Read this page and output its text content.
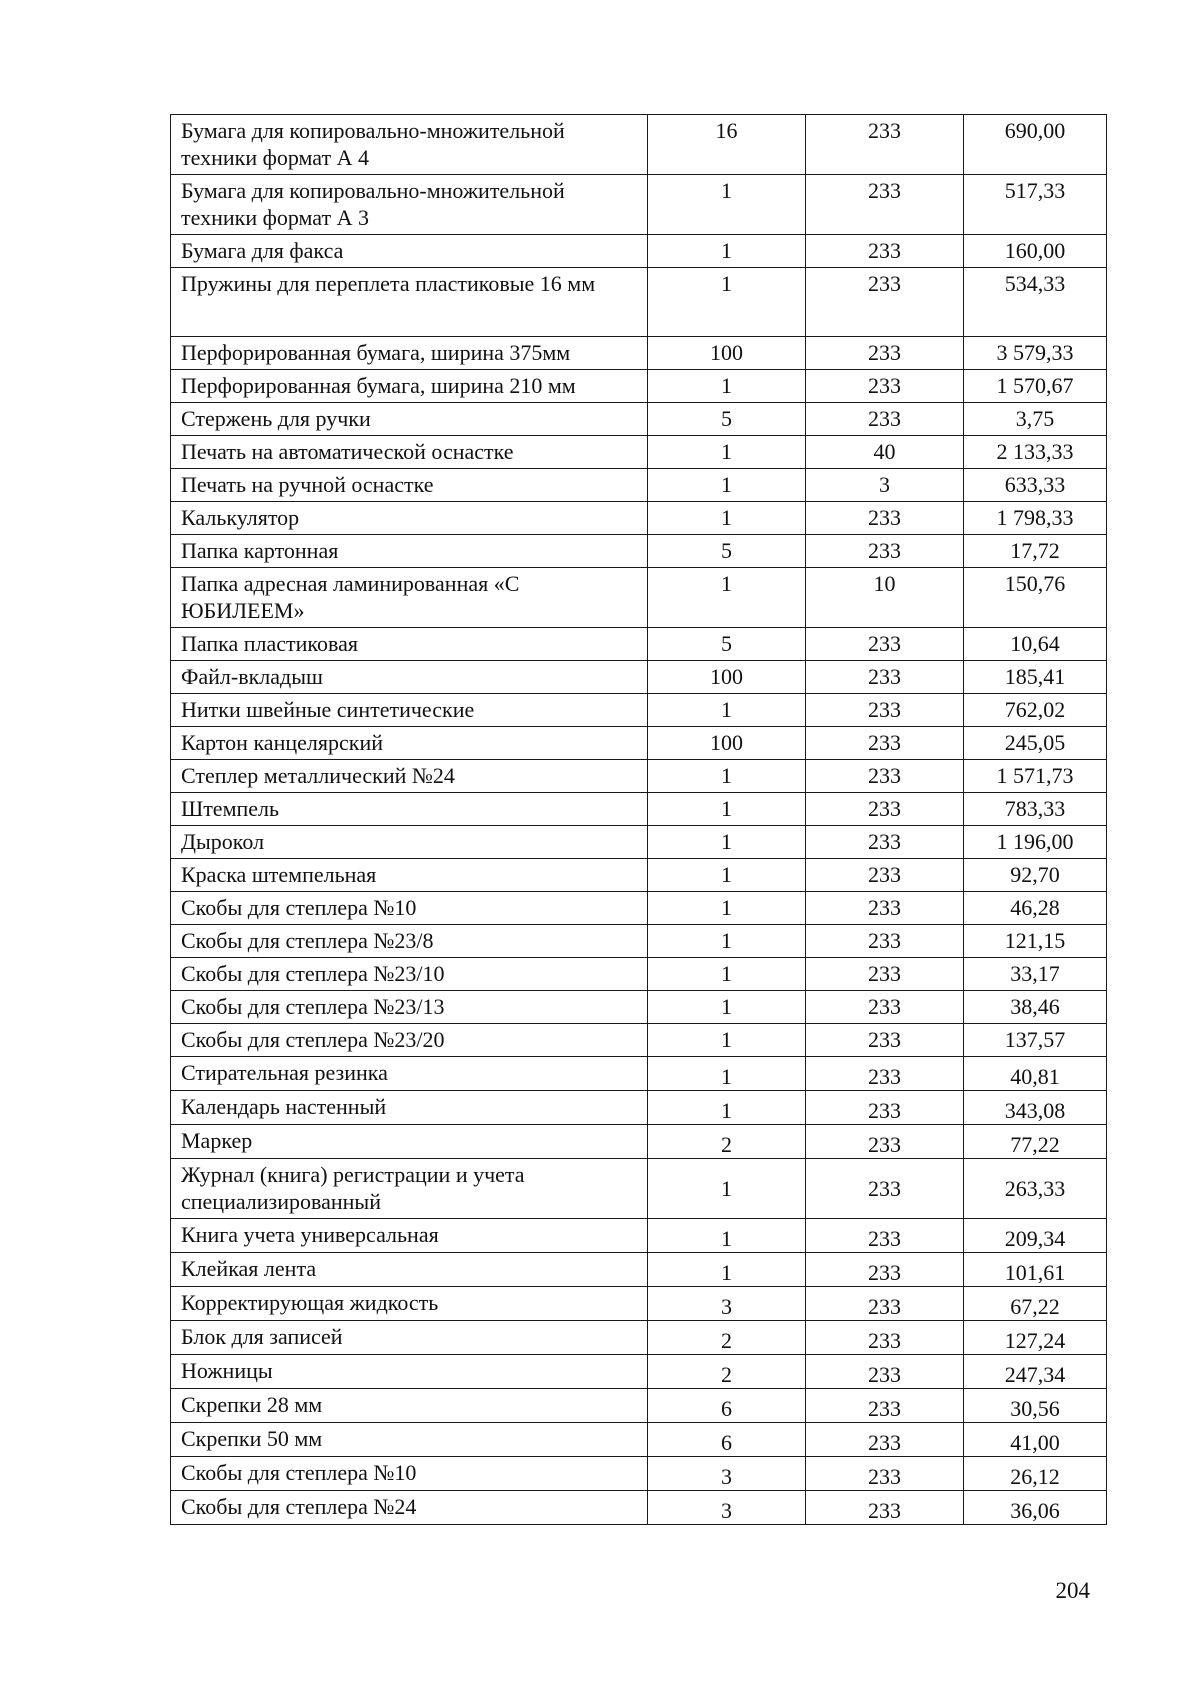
Бумага для копировально-множительной техники формат А 4	16	233	690,00
Бумага для копировально-множительной техники формат А 3	1	233	517,33
Бумага для факса	1	233	160,00
Пружины для переплета пластиковые 16 мм	1	233	534,33
Перфорированная бумага, ширина 375мм	100	233	3 579,33
Перфорированная бумага, ширина 210 мм	1	233	1 570,67
Стержень для ручки	5	233	3,75
Печать на автоматической оснастке	1	40	2 133,33
Печать на ручной оснастке	1	3	633,33
Калькулятор	1	233	1 798,33
Папка картонная	5	233	17,72
Папка адресная ламинированная «С ЮБИЛЕЕМ»	1	10	150,76
Папка пластиковая	5	233	10,64
Файл-вкладыш	100	233	185,41
Нитки швейные синтетические	1	233	762,02
Картон канцелярский	100	233	245,05
Степлер металлический №24	1	233	1 571,73
Штемпель	1	233	783,33
Дырокол	1	233	1 196,00
Краска штемпельная	1	233	92,70
Скобы для степлера №10	1	233	46,28
Скобы для степлера №23/8	1	233	121,15
Скобы для степлера №23/10	1	233	33,17
Скобы для степлера №23/13	1	233	38,46
Скобы для степлера №23/20	1	233	137,57
Стирательная резинка	1	233	40,81
Календарь настенный	1	233	343,08
Маркер	2	233	77,22
Журнал (книга) регистрации и учета специализированный	1	233	263,33
Книга учета универсальная	1	233	209,34
Клейкая лента	1	233	101,61
Корректирующая жидкость	3	233	67,22
Блок для записей	2	233	127,24
Ножницы	2	233	247,34
Скрепки 28 мм	6	233	30,56
Скрепки 50 мм	6	233	41,00
Скобы для степлера №10	3	233	26,12
Скобы для степлера №24	3	233	36,06
204
